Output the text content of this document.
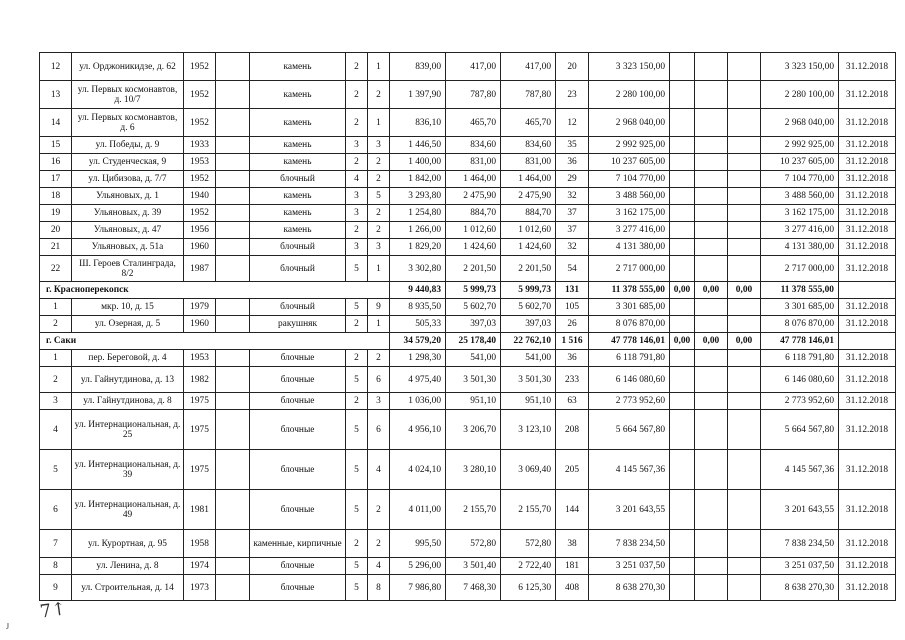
12	ул. Орджоникидзе, д. 62	1952		камень	2	1	839,00	417,00	417,00	20	3 323 150,00				3 323 150,00	31.12.2018
13	ул. Первых космонавтов, д. 10/7	1952		камень	2	2	1 397,90	787,80	787,80	23	2 280 100,00				2 280 100,00	31.12.2018
14	ул. Первых космонавтов, д. 6	1952		камень	2	1	836,10	465,70	465,70	12	2 968 040,00				2 968 040,00	31.12.2018
15	ул. Победы, д. 9	1933		камень	3	3	1 446,50	834,60	834,60	35	2 992 925,00				2 992 925,00	31.12.2018
16	ул. Студенческая, 9	1953		камень	2	2	1 400,00	831,00	831,00	36	10 237 605,00				10 237 605,00	31.12.2018
17	ул. Цибизова, д. 7/7	1952		блочный	4	2	1 842,00	1 464,00	1 464,00	29	7 104 770,00				7 104 770,00	31.12.2018
18	Ульяновых, д. 1	1940		камень	3	5	3 293,80	2 475,90	2 475,90	32	3 488 560,00				3 488 560,00	31.12.2018
19	Ульяновых, д. 39	1952		камень	3	2	1 254,80	884,70	884,70	37	3 162 175,00				3 162 175,00	31.12.2018
20	Ульяновых, д. 47	1956		камень	2	2	1 266,00	1 012,60	1 012,60	37	3 277 416,00				3 277 416,00	31.12.2018
21	Ульяновых, д. 51а	1960		блочный	3	3	1 829,20	1 424,60	1 424,60	32	4 131 380,00				4 131 380,00	31.12.2018
22	Ш. Героев Сталинграда, 8/2	1987		блочный	5	1	3 302,80	2 201,50	2 201,50	54	2 717 000,00				2 717 000,00	31.12.2018
г. Красноперекопск							9 440,83	5 999,73	5 999,73	131	11 378 555,00	0,00	0,00	0,00	11 378 555,00	
1	мкр. 10, д. 15	1979		блочный	5	9	8 935,50	5 602,70	5 602,70	105	3 301 685,00				3 301 685,00	31.12.2018
2	ул. Озерная, д. 5	1960		ракушняк	2	1	505,33	397,03	397,03	26	8 076 870,00				8 076 870,00	31.12.2018
г. Саки							34 579,20	25 178,40	22 762,10	1 516	47 778 146,01	0,00	0,00	0,00	47 778 146,01	
1	пер. Береговой, д. 4	1953		блочные	2	2	1 298,30	541,00	541,00	36	6 118 791,80				6 118 791,80	31.12.2018
2	ул. Гайнутдинова, д. 13	1982		блочные	5	6	4 975,40	3 501,30	3 501,30	233	6 146 080,60				6 146 080,60	31.12.2018
3	ул. Гайнутдинова, д. 8	1975		блочные	2	3	1 036,00	951,10	951,10	63	2 773 952,60				2 773 952,60	31.12.2018
4	ул. Интернациональная, д. 25	1975		блочные	5	6	4 956,10	3 206,70	3 123,10	208	5 664 567,80				5 664 567,80	31.12.2018
5	ул. Интернациональная, д. 39	1975		блочные	5	4	4 024,10	3 280,10	3 069,40	205	4 145 567,36				4 145 567,36	31.12.2018
6	ул. Интернациональная, д. 49	1981		блочные	5	2	4 011,00	2 155,70	2 155,70	144	3 201 643,55				3 201 643,55	31.12.2018
7	ул. Курортная, д. 95	1958		каменные, кирпичные	2	2	995,50	572,80	572,80	38	7 838 234,50				7 838 234,50	31.12.2018
8	ул. Ленина, д. 8	1974		блочные	5	4	5 296,00	3 501,40	2 722,40	181	3 251 037,50				3 251 037,50	31.12.2018
9	ул. Строительная, д. 14	1973		блочные	5	8	7 986,80	7 468,30	6 125,30	408	8 638 270,30				8 638 270,30	31.12.2018
7↑
J
